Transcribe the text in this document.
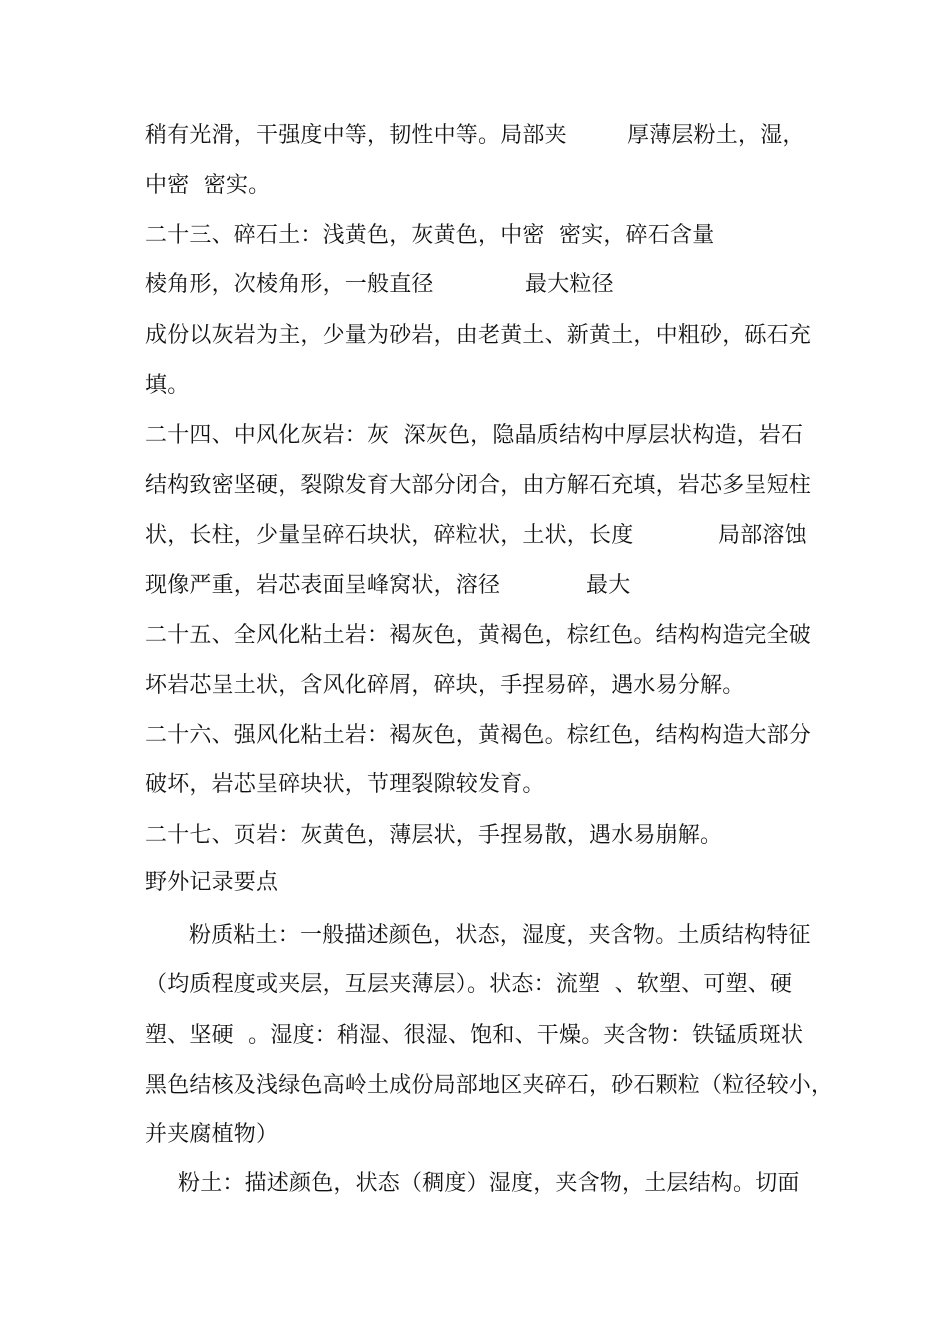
稍有光滑，干强度中等，韧性中等。局部夹

	厚薄层粉土，湿，

中密  密实。

二十三、碎石土：浅黄色，灰黄色，中密  密实，碎石含量

棱角形，次棱角形，一般直径

	最大粒径

成份以灰岩为主，少量为砂岩，由老黄土、新黄土，中粗砂，砾石充

填。

二十四、中风化灰岩：灰  深灰色，隐晶质结构中厚层状构造，岩石

结构致密坚硬，裂隙发育大部分闭合，由方解石充填，岩芯多呈短柱

状，长柱，少量呈碎石块状，碎粒状，土状，长度

	局部溶蚀

现像严重，岩芯表面呈峰窝状，溶径

	最大

二十五、全风化粘土岩：褐灰色，黄褐色，棕红色。结构构造完全破

坏岩芯呈土状，含风化碎屑，碎块，手捏易碎，遇水易分解。

二十六、强风化粘土岩：褐灰色，黄褐色。棕红色，结构构造大部分

破坏，岩芯呈碎块状，节理裂隙较发育。

二十七、页岩：灰黄色，薄层状，手捏易散，遇水易崩解。

野外记录要点

粉质粘土：一般描述颜色，状态，湿度，夹含物。土质结构特征

（均质程度或夹层，互层夹薄层）。状态：流塑  、软塑、可塑、硬

塑、坚硬  。湿度：稍湿、很湿、饱和、干燥。夹含物：铁锰质斑状

黑色结核及浅绿色高岭土成份局部地区夹碎石，砂石颗粒（粒径较小，

并夹腐植物）

粉土：描述颜色，状态（稠度）湿度，夹含物，土层结构。切面
